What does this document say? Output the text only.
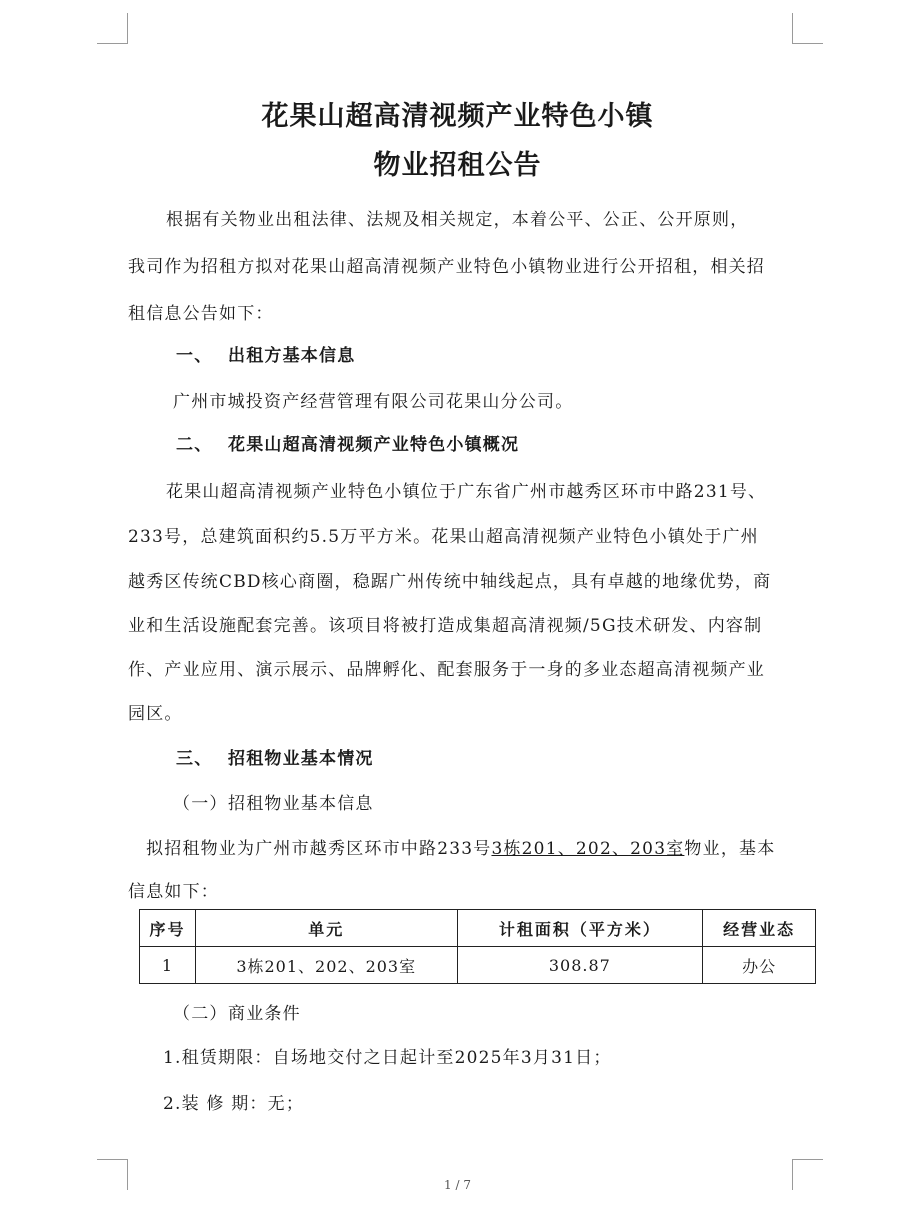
花果山超高清视频产业特色小镇
物业招租公告
根据有关物业出租法律、法规及相关规定，本着公平、公正、公开原则，
我司作为招租方拟对花果山超高清视频产业特色小镇物业进行公开招租，相关招
租信息公告如下：
一、 出租方基本信息
广州市城投资产经营管理有限公司花果山分公司。
二、 花果山超高清视频产业特色小镇概况
花果山超高清视频产业特色小镇位于广东省广州市越秀区环市中路231号、
233号，总建筑面积约5.5万平方米。花果山超高清视频产业特色小镇处于广州
越秀区传统CBD核心商圈，稳踞广州传统中轴线起点，具有卓越的地缘优势，商
业和生活设施配套完善。该项目将被打造成集超高清视频/5G技术研发、内容制
作、产业应用、演示展示、品牌孵化、配套服务于一身的多业态超高清视频产业
园区。
三、 招租物业基本情况
（一） 招租物业基本信息
拟招租物业为广州市越秀区环市中路233号3栋201、202、203室物业，基本
信息如下：
序号	单元	计租面积（平方米）	经营业态
1	3栋201、202、203室	308.87	办公
（二） 商业条件
1.租赁期限：自场地交付之日起计至2025年3月31日；
2.装 修 期：无；
1 / 7
